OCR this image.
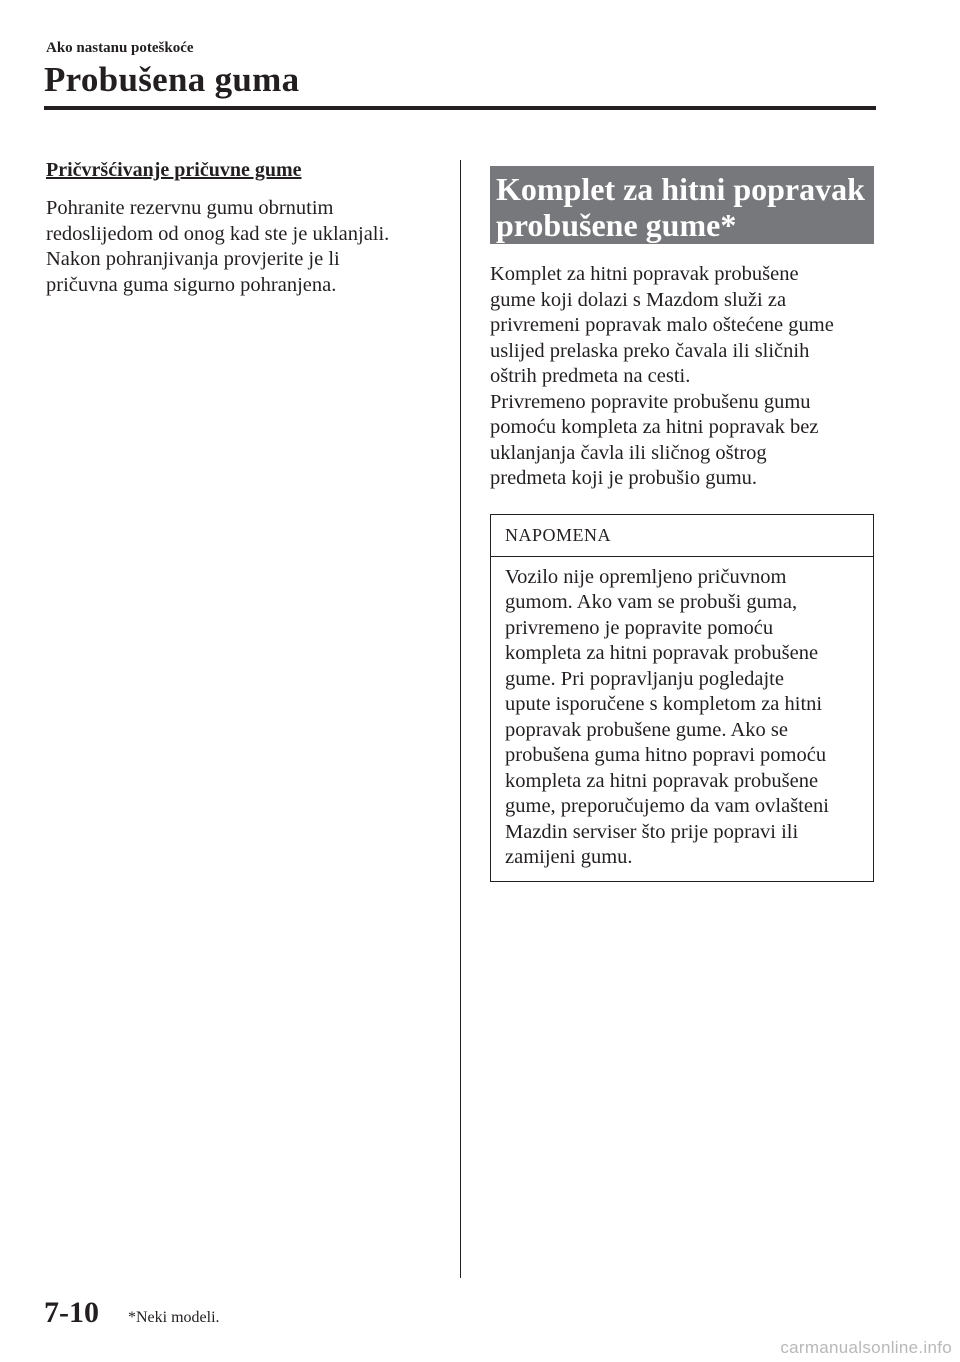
Ako nastanu poteškoće
Probušena guma
Pričvršćivanje pričuvne gume

Pohranite rezervnu gumu obrnutim
redoslijedom od onog kad ste je uklanjali.
Nakon pohranjivanja provjerite je li
pričuvna guma sigurno pohranjena.

Komplet za hitni popravak
probušene gume*

Komplet za hitni popravak probušene
gume koji dolazi s Mazdom služi za
privremeni popravak malo oštećene gume
uslijed prelaska preko čavala ili sličnih
oštrih predmeta na cesti.
Privremeno popravite probušenu gumu
pomoću kompleta za hitni popravak bez
uklanjanja čavla ili sličnog oštrog
predmeta koji je probušio gumu.

NAPOMENA
Vozilo nije opremljeno pričuvnom
gumom. Ako vam se probuši guma,
privremeno je popravite pomoću
kompleta za hitni popravak probušene
gume. Pri popravljanju pogledajte
upute isporučene s kompletom za hitni
popravak probušene gume. Ako se
probušena guma hitno popravi pomoću
kompleta za hitni popravak probušene
gume, preporučujemo da vam ovlašteni
Mazdin serviser što prije popravi ili
zamijeni gumu.
7-10 *Neki modeli.
carmanualsonline.info
